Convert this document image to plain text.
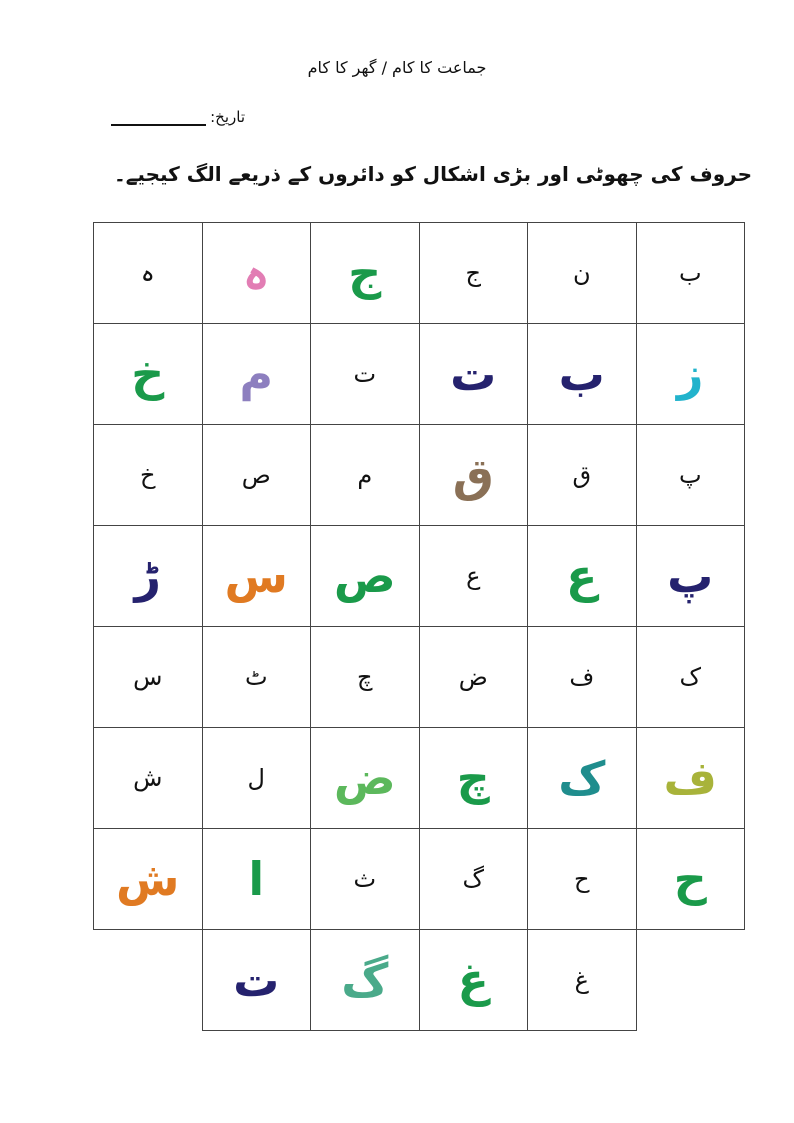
جماعت کا کام / گھر کا کام
تاریخ:
حروف کی چھوٹی اور بڑی اشکال کو دائروں کے ذریعے الگ کیجیے۔
ب
ن
ج
ج
ہ
ہ
ز
ب
ت
ت
م
خ
پ
ق
ق
م
ص
خ
پ
ع
ع
ص
س
ڑ
ک
ف
ض
چ
ٹ
س
ف
ک
چ
ض
ل
ش
ح
ح
گ
ث
ا
ش
غ
غ
گ
ت
